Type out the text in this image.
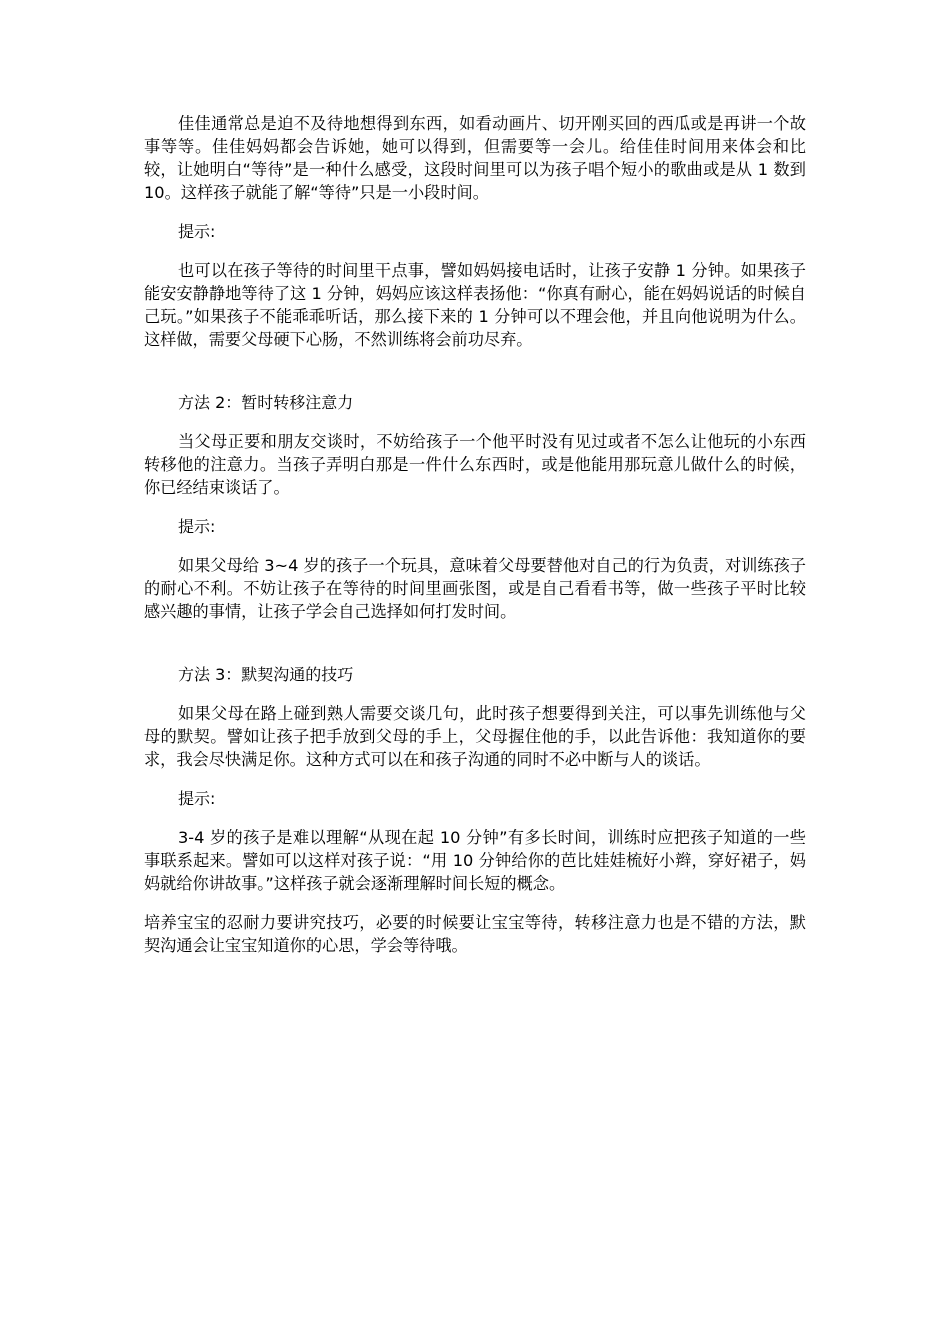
佳佳通常总是迫不及待地想得到东西，如看动画片、切开刚买回的西瓜或是再讲一个故事等等。佳佳妈妈都会告诉她，她可以得到，但需要等一会儿。给佳佳时间用来体会和比较，让她明白“等待”是一种什么感受，这段时间里可以为孩子唱个短小的歌曲或是从 1 数到 10。这样孩子就能了解“等待”只是一小段时间。

提示:

也可以在孩子等待的时间里干点事，譬如妈妈接电话时，让孩子安静 1 分钟。如果孩子能安安静静地等待了这 1 分钟，妈妈应该这样表扬他：“你真有耐心，能在妈妈说话的时候自己玩。”如果孩子不能乖乖听话，那么接下来的 1 分钟可以不理会他，并且向他说明为什么。这样做，需要父母硬下心肠，不然训练将会前功尽弃。

方法 2：暂时转移注意力

当父母正要和朋友交谈时，不妨给孩子一个他平时没有见过或者不怎么让他玩的小东西转移他的注意力。当孩子弄明白那是一件什么东西时，或是他能用那玩意儿做什么的时候，你已经结束谈话了。

提示:

如果父母给 3~4 岁的孩子一个玩具，意味着父母要替他对自己的行为负责，对训练孩子的耐心不利。不妨让孩子在等待的时间里画张图，或是自己看看书等，做一些孩子平时比较感兴趣的事情，让孩子学会自己选择如何打发时间。

方法 3：默契沟通的技巧

如果父母在路上碰到熟人需要交谈几句，此时孩子想要得到关注，可以事先训练他与父母的默契。譬如让孩子把手放到父母的手上，父母握住他的手，以此告诉他：我知道你的要求，我会尽快满足你。这种方式可以在和孩子沟通的同时不必中断与人的谈话。

提示:

3-4 岁的孩子是难以理解“从现在起 10 分钟”有多长时间，训练时应把孩子知道的一些事联系起来。譬如可以这样对孩子说：“用 10 分钟给你的芭比娃娃梳好小辫，穿好裙子，妈妈就给你讲故事。”这样孩子就会逐渐理解时间长短的概念。

培养宝宝的忍耐力要讲究技巧，必要的时候要让宝宝等待，转移注意力也是不错的方法，默契沟通会让宝宝知道你的心思，学会等待哦。
